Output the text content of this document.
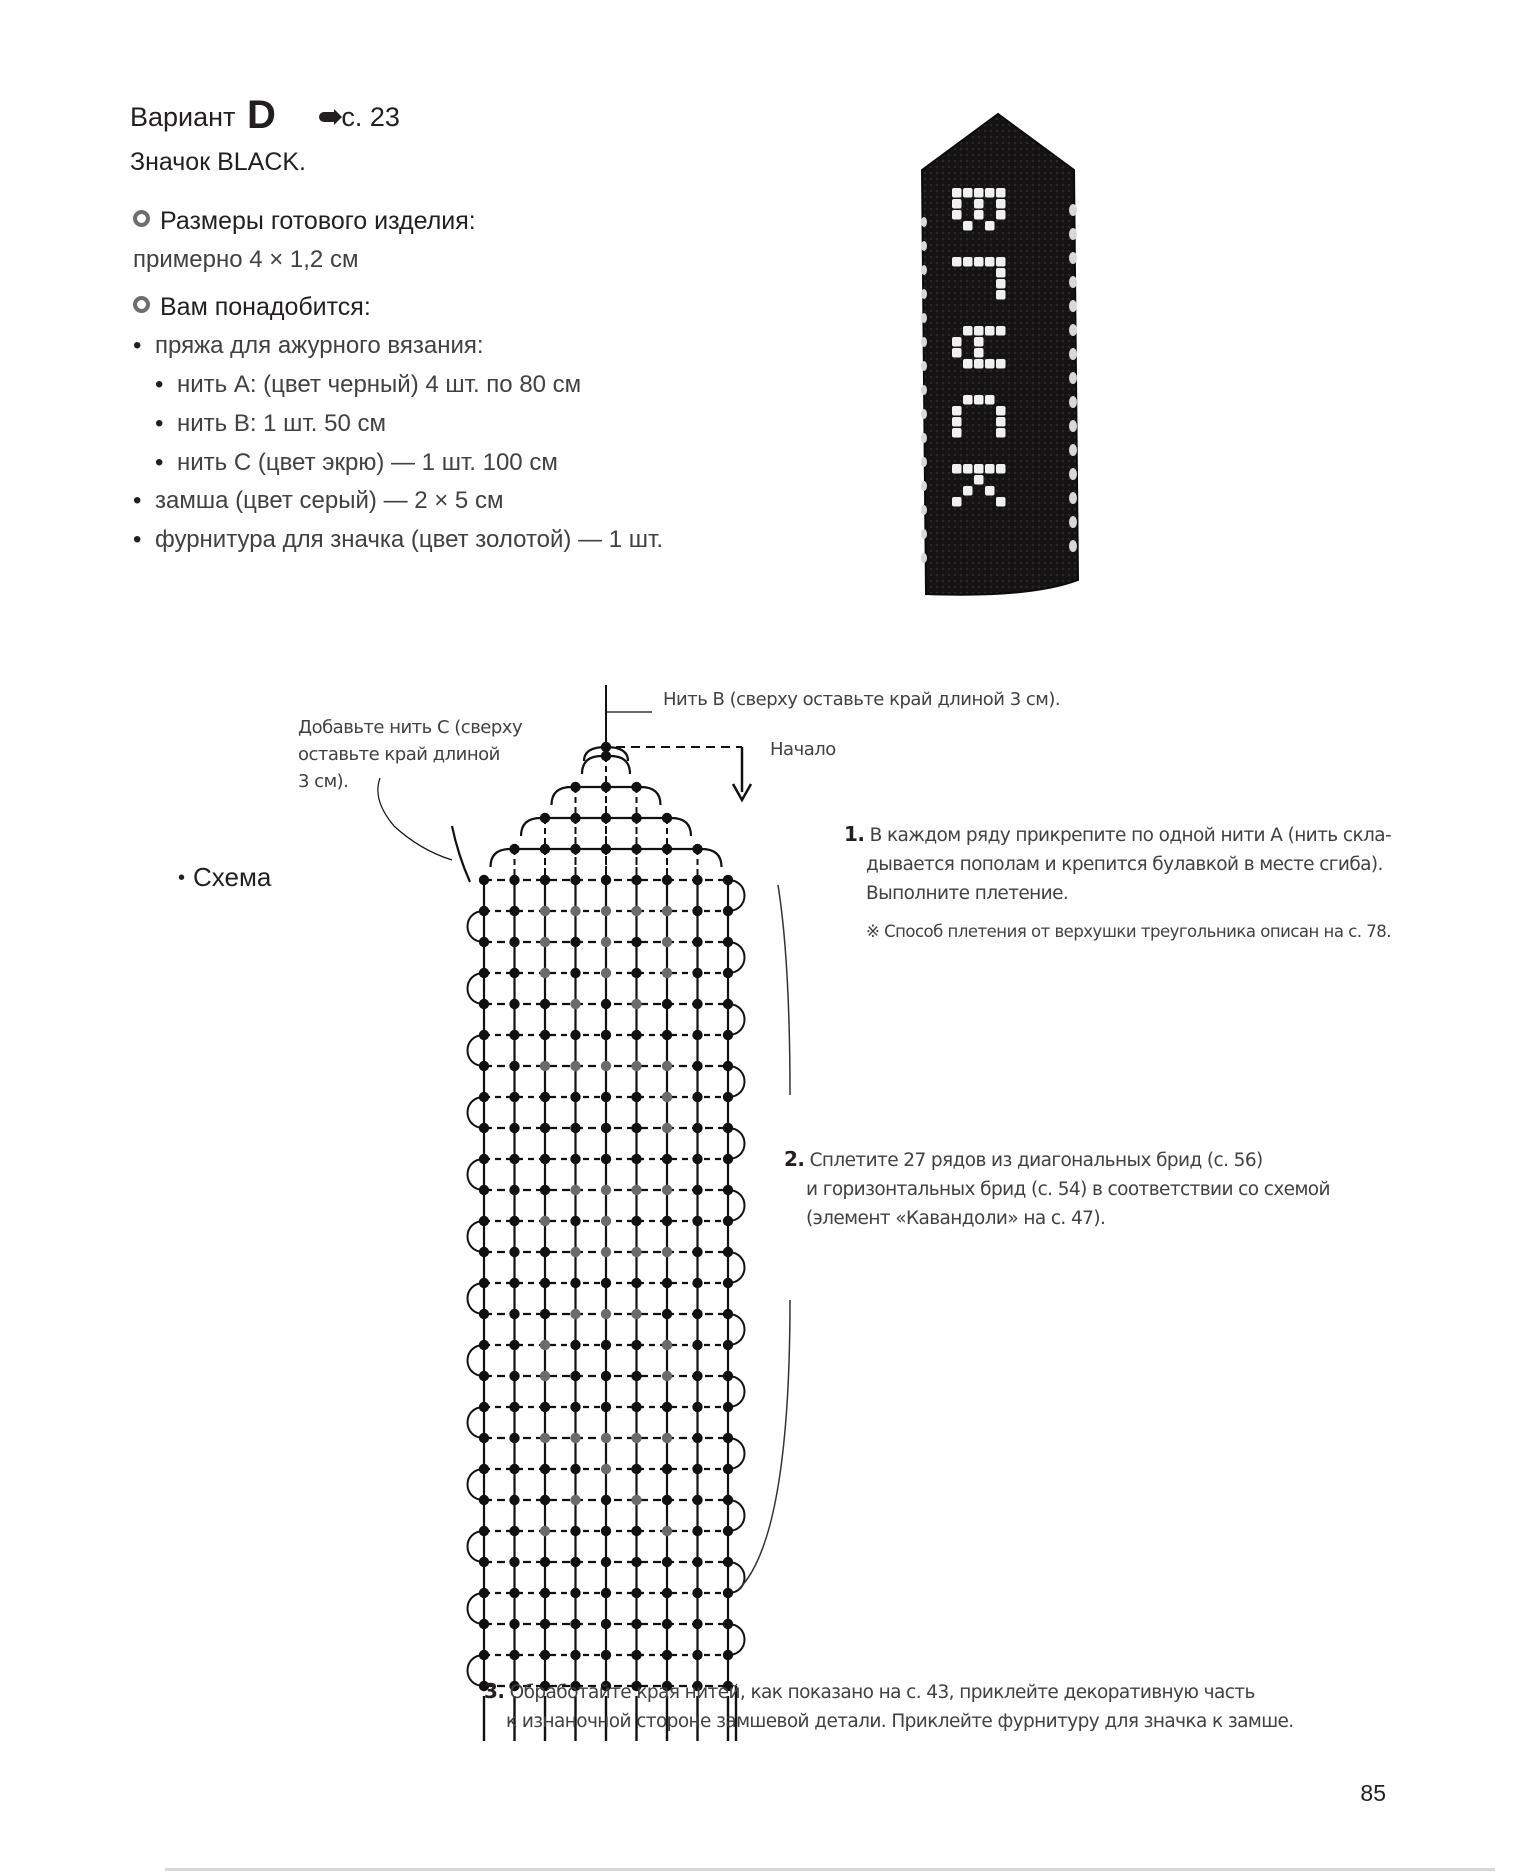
Вариант D с. 23
Значок BLACK.
Размеры готового изделия:
примерно 4 × 1,2 см
Вам понадобится:
• пряжа для ажурного вязания:
• нить A: (цвет черный) 4 шт. по 80 см
• нить B: 1 шт. 50 см
• нить C (цвет экрю) — 1 шт. 100 см
• замша (цвет серый) — 2 × 5 см
• фурнитура для значка (цвет золотой) — 1 шт.
• Схема
Нить B (сверху оставьте край длиной 3 см).
Начало
Добавьте нить C (сверху
оставьте край длиной
3 см).
1. В каждом ряду прикрепите по одной нити A (нить скла-
дывается пополам и крепится булавкой в месте сгиба).
Выполните плетение.
※ Способ плетения от верхушки треугольника описан на с. 78.
2. Сплетите 27 рядов из диагональных брид (с. 56)
и горизонтальных брид (с. 54) в соответствии со схемой
(элемент «Кавандоли» на с. 47).
3. Обработайте края нитей, как показано на с. 43, приклейте декоративную часть
к изнаночной стороне замшевой детали. Приклейте фурнитуру для значка к замше.
85
